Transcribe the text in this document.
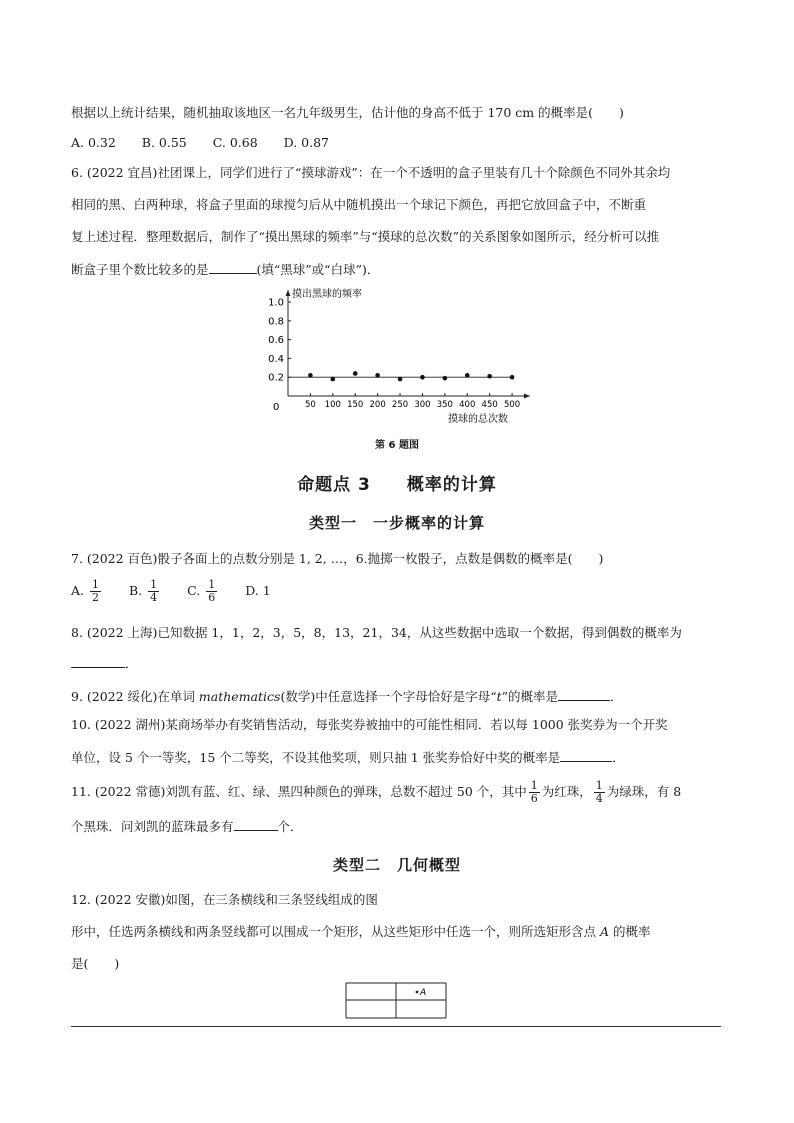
根据以上统计结果，随机抽取该地区一名九年级男生，估计他的身高不低于 170 cm 的概率是( )
A. 0.32 B. 0.55 C. 0.68 D. 0.87
6. (2022 宜昌)社团课上，同学们进行了“摸球游戏”：在一个不透明的盒子里装有几十个除颜色不同外其余均
相同的黑、白两种球，将盒子里面的球搅匀后从中随机摸出一个球记下颜色，再把它放回盒子中，不断重
复上述过程．整理数据后，制作了“摸出黑球的频率”与“摸球的总次数”的关系图象如图所示，经分析可以推
断盒子里个数比较多的是	(填“黑球”或“白球”)．
摸出黑球的频率
摸球的总次数
0
0.2
0.4
0.6
0.8
1.0
50 100 150 200 250 300 350 400 450 500
第 6 题图
命题点 3　　概率的计算
类型一　一步概率的计算
7. (2022 百色)骰子各面上的点数分别是 1, 2, …，6.抛掷一枚骰子，点数是偶数的概率是( )
A. $\frac{1}{2} B$. $\frac{1}{4} C$. $\frac{1}{6} D$. 1
8. (2022 上海)已知数据 1，1，2，3，5，8，13，21，34，从这些数据中选取一个数据，得到偶数的概率为
．
9. (2022 绥化)在单词 mathematics(数学)中任意选择一个字母恰好是字母“t”的概率是	．
10. (2022 湖州)某商场举办有奖销售活动，每张奖券被抽中的可能性相同．若以每 1000 张奖券为一个开奖
单位，设 5 个一等奖，15 个二等奖，不设其他奖项，则只抽 1 张奖券恰好中奖的概率是	．
11. (2022 常德)刘凯有蓝、红、绿、黑四种颜色的弹珠，总数不超过 50 个，其中 $\frac{1}{6}$ 为红珠， $\frac{1}{4}$ 为绿珠，有 8
个黑珠．问刘凯的蓝珠最多有	个．
类型二　几何概型
12. (2022 安徽)如图，在三条横线和三条竖线组成的图
形中，任选两条横线和两条竖线都可以围成一个矩形，从这些矩形中任选一个，则所选矩形含点 A 的概率
是( )
A
